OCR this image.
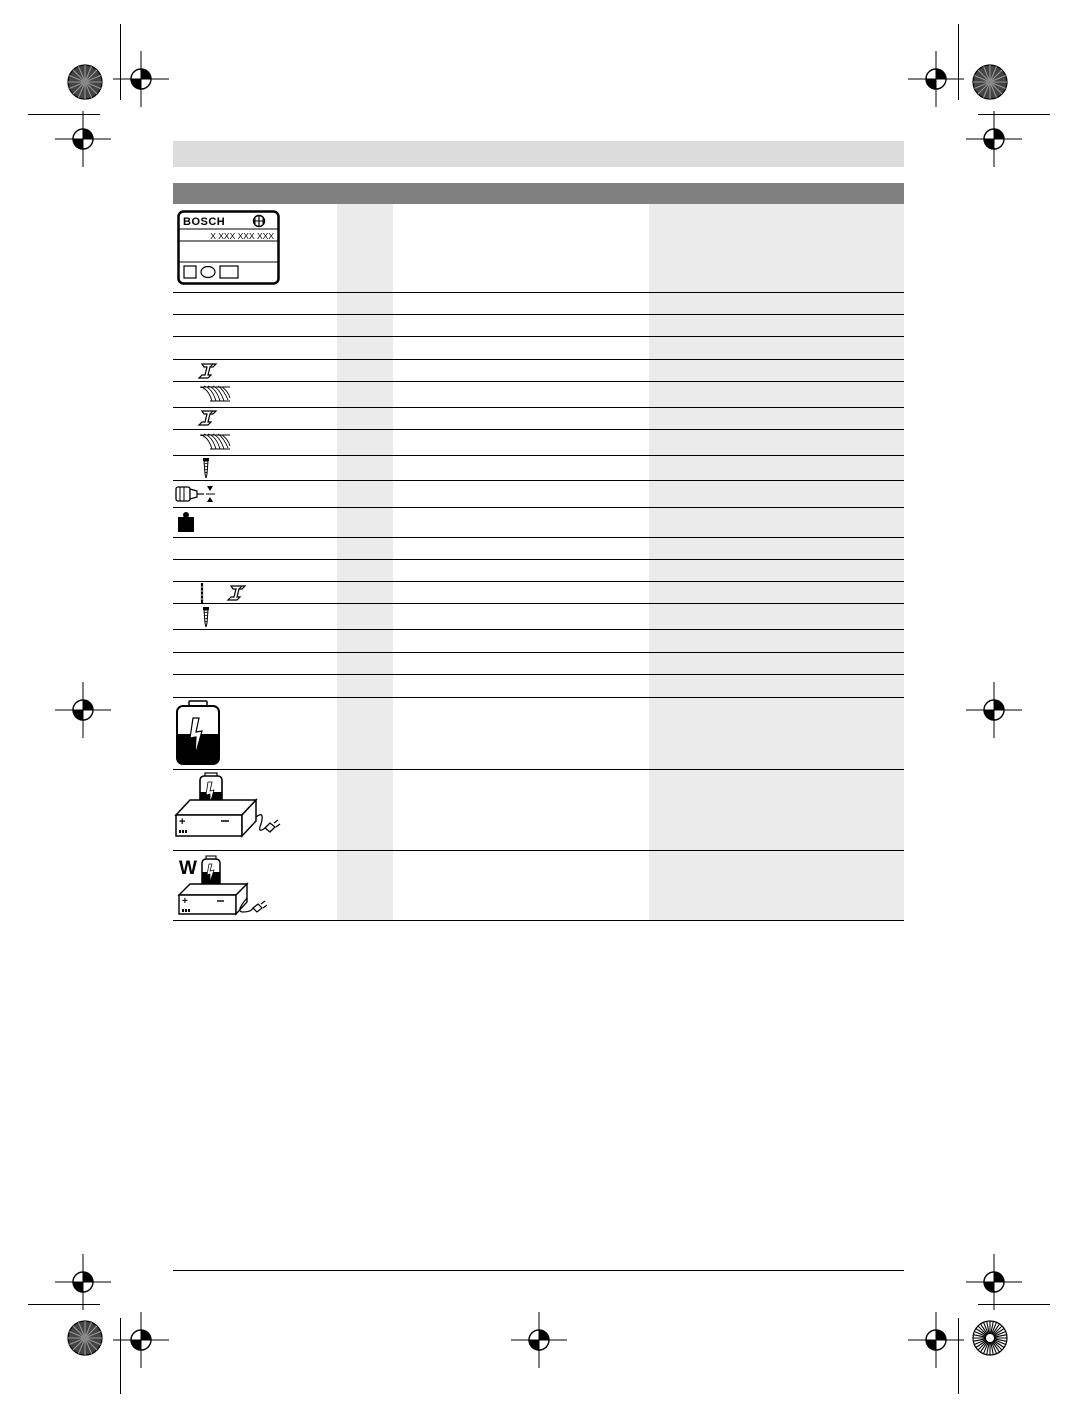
BOSCH
X XXX XXX XXX
+
W
+
